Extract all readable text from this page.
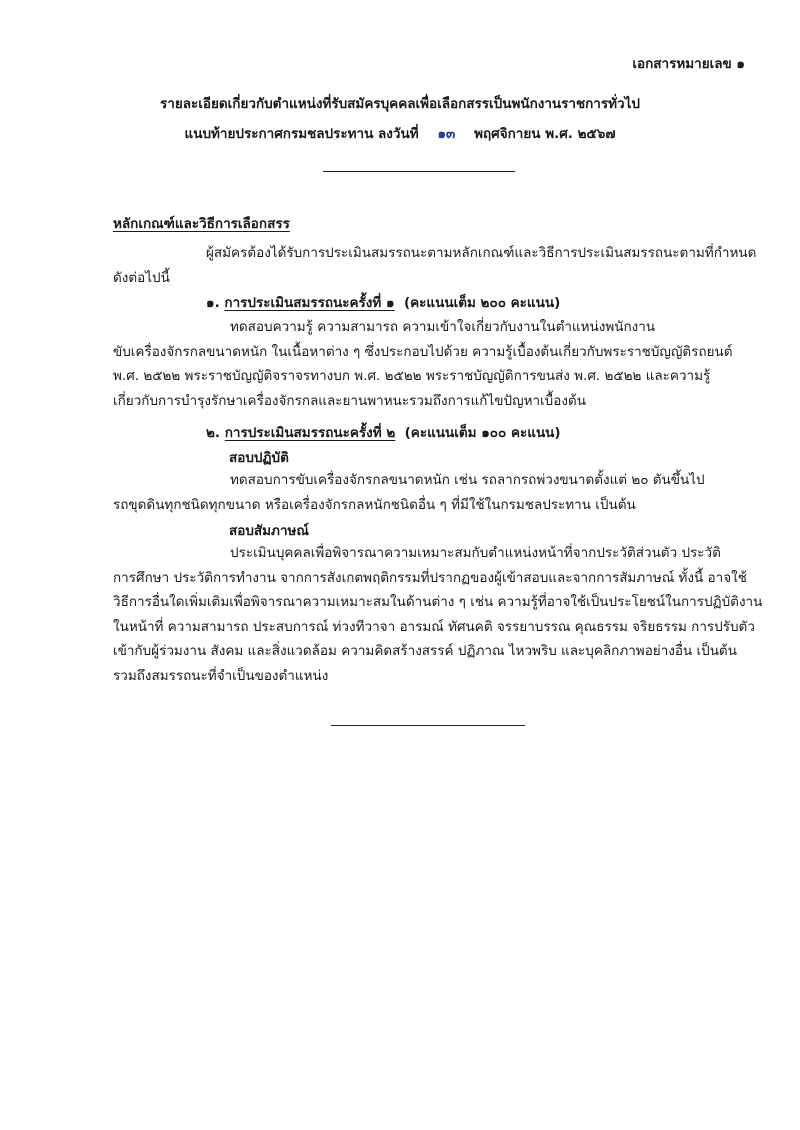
เอกสารหมายเลข ๑
รายละเอียดเกี่ยวกับตำแหน่งที่รับสมัครบุคคลเพื่อเลือกสรรเป็นพนักงานราชการทั่วไป
แนบท้ายประกาศกรมชลประทาน ลงวันที่ ๑๓ พฤศจิกายน พ.ศ. ๒๕๖๗
หลักเกณฑ์และวิธีการเลือกสรร
ผู้สมัครต้องได้รับการประเมินสมรรถนะตามหลักเกณฑ์และวิธีการประเมินสมรรถนะตามที่กำหนด
ดังต่อไปนี้
๑. การประเมินสมรรถนะครั้งที่ ๑ (คะแนนเต็ม ๒๐๐ คะแนน)
ทดสอบความรู้ ความสามารถ ความเข้าใจเกี่ยวกับงานในตำแหน่งพนักงาน
ขับเครื่องจักรกลขนาดหนัก ในเนื้อหาต่าง ๆ ซึ่งประกอบไปด้วย ความรู้เบื้องต้นเกี่ยวกับพระราชบัญญัติรถยนต์
พ.ศ. ๒๕๒๒ พระราชบัญญัติจราจรทางบก พ.ศ. ๒๕๒๒ พระราชบัญญัติการขนส่ง พ.ศ. ๒๕๒๒ และความรู้
เกี่ยวกับการบำรุงรักษาเครื่องจักรกลและยานพาหนะรวมถึงการแก้ไขปัญหาเบื้องต้น
๒. การประเมินสมรรถนะครั้งที่ ๒ (คะแนนเต็ม ๑๐๐ คะแนน)
สอบปฏิบัติ
ทดสอบการขับเครื่องจักรกลขนาดหนัก เช่น รถลากรถพ่วงขนาดตั้งแต่ ๒๐ ตันขึ้นไป
รถขุดดินทุกชนิดทุกขนาด หรือเครื่องจักรกลหนักชนิดอื่น ๆ ที่มีใช้ในกรมชลประทาน เป็นต้น
สอบสัมภาษณ์
ประเมินบุคคลเพื่อพิจารณาความเหมาะสมกับตำแหน่งหน้าที่จากประวัติส่วนตัว ประวัติ
การศึกษา ประวัติการทำงาน จากการสังเกตพฤติกรรมที่ปรากฏของผู้เข้าสอบและจากการสัมภาษณ์ ทั้งนี้ อาจใช้
วิธีการอื่นใดเพิ่มเติมเพื่อพิจารณาความเหมาะสมในด้านต่าง ๆ เช่น ความรู้ที่อาจใช้เป็นประโยชน์ในการปฏิบัติงาน
ในหน้าที่ ความสามารถ ประสบการณ์ ท่วงทีวาจา อารมณ์ ทัศนคติ จรรยาบรรณ คุณธรรม จริยธรรม การปรับตัว
เข้ากับผู้ร่วมงาน สังคม และสิ่งแวดล้อม ความคิดสร้างสรรค์ ปฏิภาณ ไหวพริบ และบุคลิกภาพอย่างอื่น เป็นต้น
รวมถึงสมรรถนะที่จำเป็นของตำแหน่ง
